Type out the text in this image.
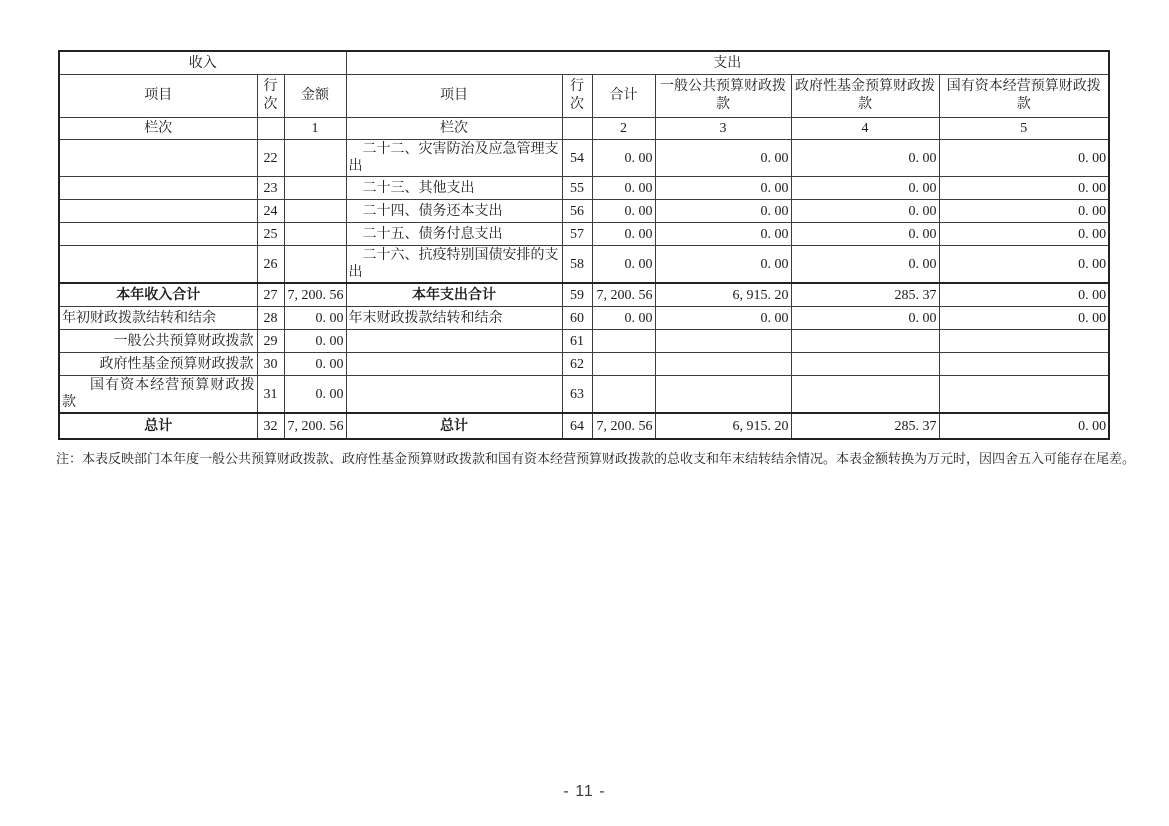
收入			支出					
项目	行次	金额	项目	行次	合计	一般公共预算财政拨款	政府性基金预算财政拨款	国有资本经营预算财政拨款
栏次		1	栏次		2	3	4	5
	22		二十二、灾害防治及应急管理支出	54	0. 00	0. 00	0. 00	0. 00
	23		二十三、其他支出	55	0. 00	0. 00	0. 00	0. 00
	24		二十四、债务还本支出	56	0. 00	0. 00	0. 00	0. 00
	25		二十五、债务付息支出	57	0. 00	0. 00	0. 00	0. 00
	26		二十六、抗疫特别国债安排的支出	58	0. 00	0. 00	0. 00	0. 00
本年收入合计	27	7, 200. 56	本年支出合计	59	7, 200. 56	6, 915. 20	285. 37	0. 00
年初财政拨款结转和结余	28	0. 00	年末财政拨款结转和结余	60	0. 00	0. 00	0. 00	0. 00
一般公共预算财政拨款	29	0. 00		61				
政府性基金预算财政拨款	30	0. 00		62				
国有资本经营预算财政拨款	31	0. 00		63				
总计	32	7, 200. 56	总计	64	7, 200. 56	6, 915. 20	285. 37	0. 00
注：本表反映部门本年度一般公共预算财政拨款、政府性基金预算财政拨款和国有资本经营预算财政拨款的总收支和年末结转结余情况。本表金额转换为万元时，因四舍五入可能存在尾差。
- 11 -
